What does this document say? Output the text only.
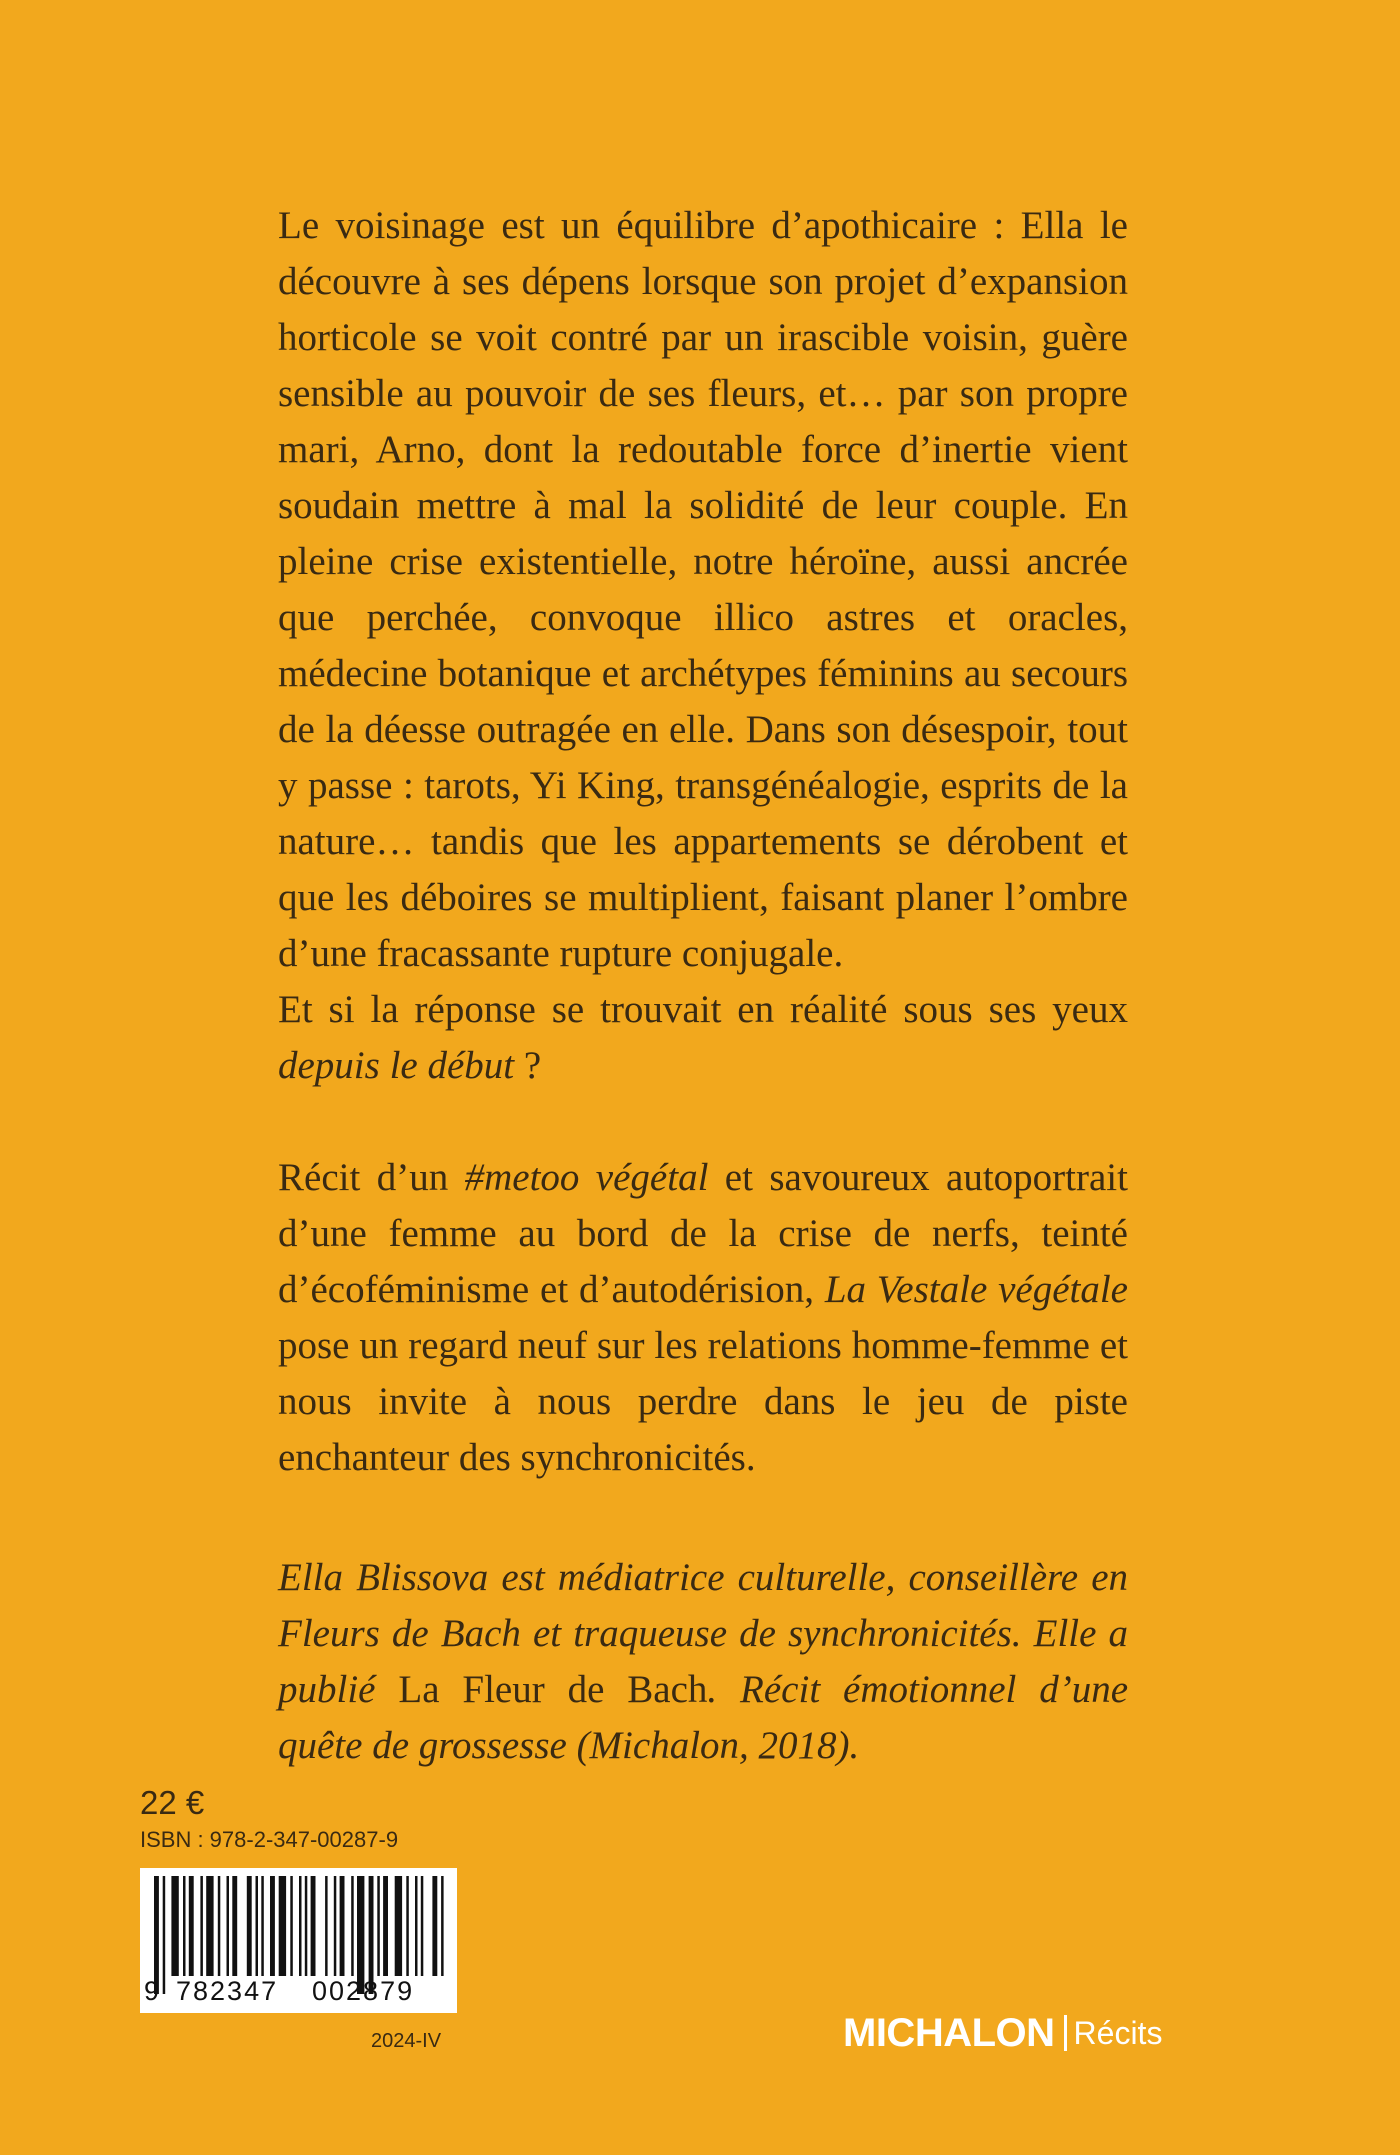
Le voisinage est un équilibre d’apothicaire : Ella le découvre à ses dépens lorsque son projet d’expansion horticole se voit contré par un irascible voisin, guère sensible au pouvoir de ses fleurs, et… par son propre mari, Arno, dont la redoutable force d’inertie vient soudain mettre à mal la solidité de leur couple. En pleine crise existentielle, notre héroïne, aussi ancrée que perchée, convoque illico astres et oracles, médecine botanique et archétypes féminins au secours de la déesse outragée en elle. Dans son désespoir, tout y passe : tarots, Yi King, transgénéalogie, esprits de la nature… tandis que les appartements se dérobent et que les déboires se multiplient, faisant planer l’ombre d’une fracassante rupture conjugale.

Et si la réponse se trouvait en réalité sous ses yeux depuis le début ?

Récit d’un #metoo végétal et savoureux autoportrait d’une femme au bord de la crise de nerfs, teinté d’écoféminisme et d’autodérision, La Vestale végétale pose un regard neuf sur les relations homme-femme et nous invite à nous perdre dans le jeu de piste enchanteur des synchronicités.

Ella Blissova est médiatrice culturelle, conseillère en Fleurs de Bach et traqueuse de synchronicités. Elle a publié La Fleur de Bach. Récit émotionnel d’une quête de grossesse (Michalon, 2018).

22 €
ISBN : 978-2-347-00287-9
9 782347 002879
2024-IV	MICHALON Récits
